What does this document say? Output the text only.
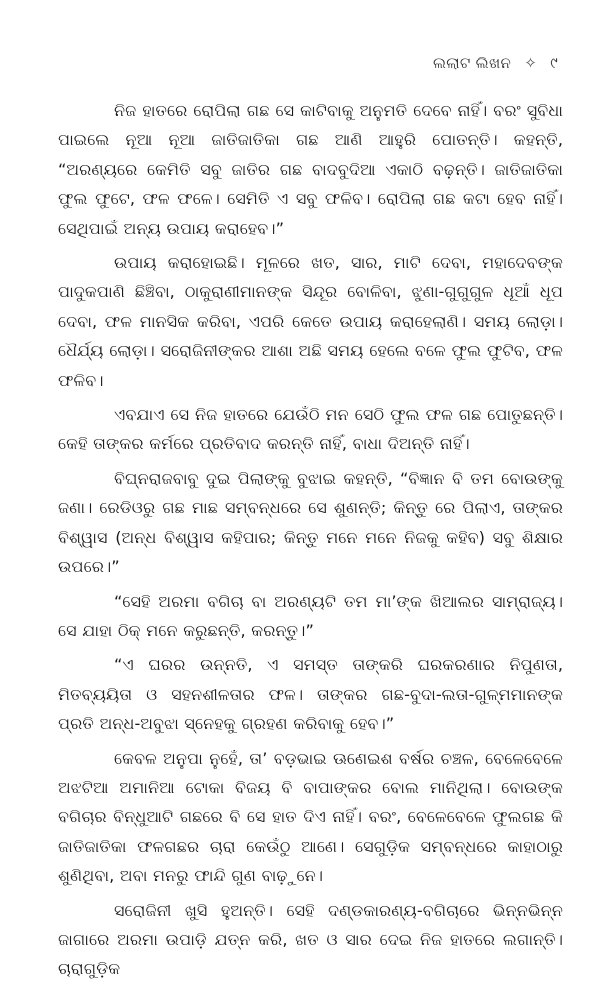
ଲଲାଟ ଲିଖନ ✧ ୯

ନିଜ ହାତରେ ରୋପିଲା ଗଛ ସେ କାଟିବାକୁ ଅନୁମତି ଦେବେ ନାହିଁ। ବରଂ ସୁବିଧା ପାଇଲେ ନୂଆ ନୂଆ ଜାତିଜାତିକା ଗଛ ଆଣି ଆହୁରି ପୋତନ୍ତି। କହନ୍ତି, “ଅରଣ୍ୟରେ କେମିତି ସବୁ ଜାତିର ଗଛ ବାଦବୁଦିଆ ଏକାଠି ବଢ଼ନ୍ତି। ଜାତିଜାତିକା ଫୁଲ ଫୁଟେ, ଫଳ ଫଳେ। ସେମିତି ଏ ସବୁ ଫଳିବ। ରୋପିଲା ଗଛ କଟା ହେବ ନାହିଁ। ସେଥିପାଇଁ ଅନ୍ୟ ଉପାୟ କରାହେବ।”

ଉପାୟ କରାହୋଇଛି। ମୂଳରେ ଖତ, ସାର, ମାଟି ଦେବା, ମହାଦେବଙ୍କ ପାଦୁକପାଣି ଛିଞ୍ଚିବା, ଠାକୁରାଣୀମାନଙ୍କ ସିନ୍ଦୂର ବୋଳିବା, ଝୁଣା-ଗୁଗୁଗୁଳ ଧୂଆଁ ଧୂପ ଦେବା, ଫଳ ମାନସିକ କରିବା, ଏପରି କେତେ ଉପାୟ କରାହେଲାଣି। ସମୟ ଲୋଡ଼ା। ଧୈର୍ଯ୍ୟ ଲୋଡ଼ା। ସରୋଜିନୀଙ୍କର ଆଶା ଅଛି ସମୟ ହେଲେ ବଳେ ଫୁଲ ଫୁଟିବ, ଫଳ ଫଳିବ।

ଏବଯାଏ ସେ ନିଜ ହାତରେ ଯେଉଁଠି ମନ ସେଠି ଫୁଲ ଫଳ ଗଛ ପୋତୁଛନ୍ତି। କେହି ତାଙ୍କର କର୍ମରେ ପ୍ରତିବାଦ କରନ୍ତି ନାହିଁ, ବାଧା ଦିଅନ୍ତି ନାହିଁ।

ବିଘ୍ନରାଜବାବୁ ଦୁଇ ପିଲାଙ୍କୁ ବୁଝାଇ କହନ୍ତି, “ବିଜ୍ଞାନ ବି ତମ ବୋଉଙ୍କୁ ଜଣା। ରେଡିଓରୁ ଗଛ ମାଛ ସମ୍ବନ୍ଧରେ ସେ ଶୁଣନ୍ତି; କିନ୍ତୁ ରେ ପିଲାଏ, ତାଙ୍କର ବିଶ୍ୱାସ (ଅନ୍ଧ ବିଶ୍ୱାସ କହିପାର; କିନ୍ତୁ ମନେ ମନେ ନିଜକୁ କହିବ) ସବୁ ଶିକ୍ଷାର ଉପରେ।”

“ସେହି ଅରମା ବଗିଚା ବା ଅରଣ୍ୟଟି ତମ ମା’ଙ୍କ ଖିଆଲର ସାମ୍ରାଜ୍ୟ। ସେ ଯାହା ଠିକ୍ ମନେ କରୁଛନ୍ତି, କରନ୍ତୁ।”

“ଏ ଘରର ଉନ୍ନତି, ଏ ସମସ୍ତ ତାଙ୍କରି ଘରକରଣାର ନିପୁଣତା, ମିତବ୍ୟୟିତା ଓ ସହନଶୀଳତାର ଫଳ। ତାଙ୍କର ଗଛ-ବୁଦା-ଲତା-ଗୁଳ୍ମମାନଙ୍କ ପ୍ରତି ଅନ୍ଧ-ଅବୁଝା ସ୍ନେହକୁ ଗ୍ରହଣ କରିବାକୁ ହେବ।”

କେବଳ ଅନୁପା ନୁହେଁ, ତା’ ବଡ଼ଭାଇ ଊଣେଇଶ ବର୍ଷର ଚଞ୍ଚଳ, ବେଳେବେଳେ ଅଝଟିଆ ଅମାନିଆ ଟୋକା ବିଜୟ ବି ବାପାଙ୍କର ବୋଲ ମାନିଥିଲା। ବୋଉଙ୍କ ବଗିଚାର ବିନ୍ଧୁଆଟି ଗଛରେ ବି ସେ ହାତ ଦିଏ ନାହିଁ। ବରଂ, ବେଳେବେଳେ ଫୁଲଗଛ କି ଜାତିଜାତିକା ଫଳଗଛର ଚାରା କେଉଁଠୁ ଆଣେ। ସେଗୁଡ଼ିକ ସମ୍ବନ୍ଧରେ କାହାଠାରୁ ଶୁଣିଥିବା, ଅବା ମନରୁ ଫାନ୍ଦି ଗୁଣ ବାଢ଼ୁନେ।

ସରୋଜିନୀ ଖୁସି ହୁଅନ୍ତି। ସେହି ଦଣ୍ଡକାରଣ୍ୟ-ବଗିଚାରେ ଭିନ୍ନଭିନ୍ନ ଜାଗାରେ ଅରମା ଉପାଡ଼ି ଯତ୍ନ କରି, ଖତ ଓ ସାର ଦେଇ ନିଜ ହାତରେ ଲଗାନ୍ତି। ଚାରାଗୁଡ଼ିକ
